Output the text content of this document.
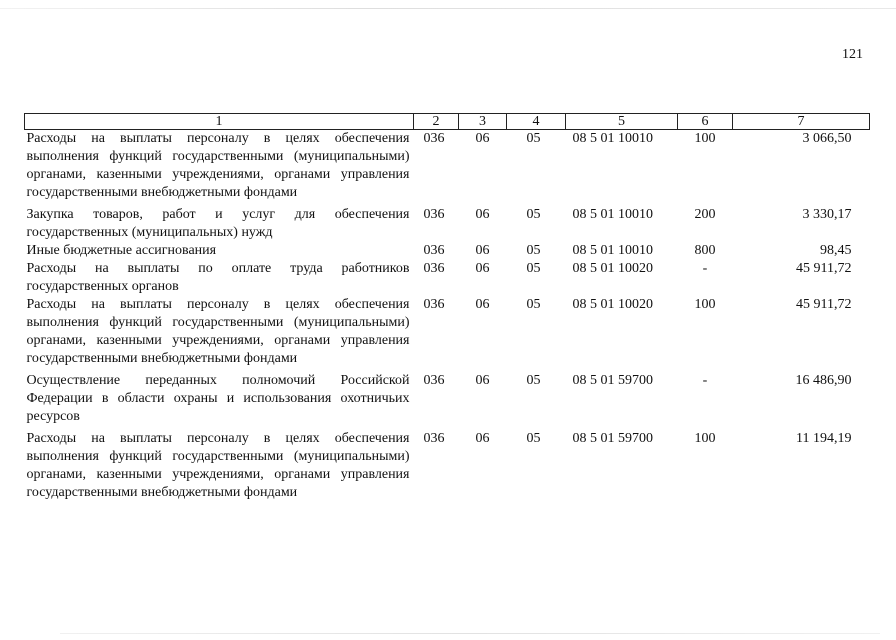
121
1	2	3	4	5	6	7
Расходы на выплаты персоналу в целях обеспечения выполнения функций государственными (муниципальными) органами, казенными учреждениями, органами управления государственными внебюджетными фондами	036	06	05	08 5 01 10010	100	3 066,50
Закупка товаров, работ и услуг для обеспечения государственных (муниципальных) нужд	036	06	05	08 5 01 10010	200	3 330,17
Иные бюджетные ассигнования	036	06	05	08 5 01 10010	800	98,45
Расходы на выплаты по оплате труда работников государственных органов	036	06	05	08 5 01 10020	-	45 911,72
Расходы на выплаты персоналу в целях обеспечения выполнения функций государственными (муниципальными) органами, казенными учреждениями, органами управления государственными внебюджетными фондами	036	06	05	08 5 01 10020	100	45 911,72
Осуществление переданных полномочий Российской Федерации в области охраны и использования охотничьих ресурсов	036	06	05	08 5 01 59700	-	16 486,90
Расходы на выплаты персоналу в целях обеспечения выполнения функций государственными (муниципальными) органами, казенными учреждениями, органами управления государственными внебюджетными фондами	036	06	05	08 5 01 59700	100	11 194,19
